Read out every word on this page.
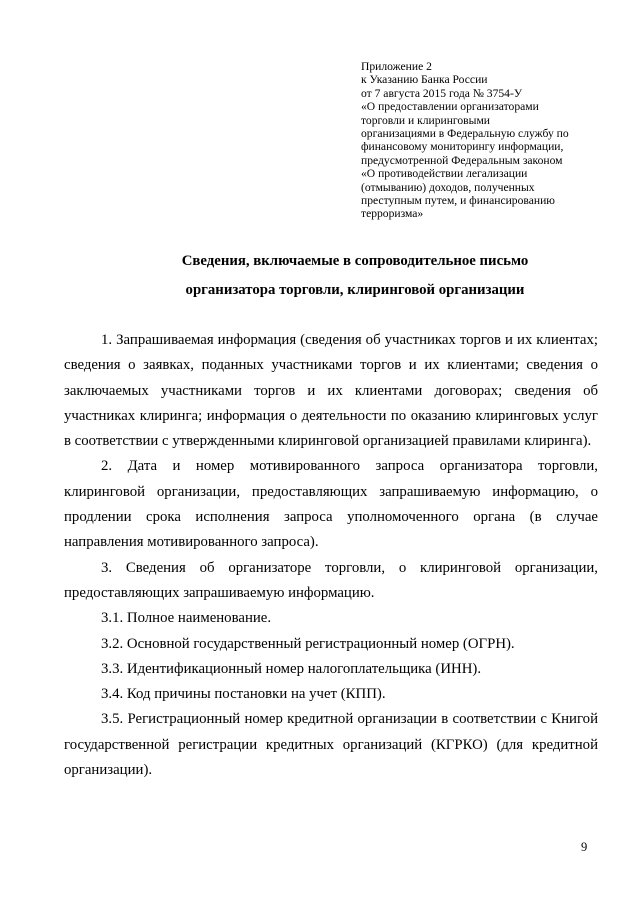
Приложение 2
к Указанию Банка России
от 7 августа 2015 года № 3754-У
«О предоставлении организаторами
торговли и клиринговыми
организациями в Федеральную службу по
финансовому мониторингу информации,
предусмотренной Федеральным законом
«О противодействии легализации
(отмыванию) доходов, полученных
преступным путем, и финансированию
терроризма»
Сведения, включаемые в сопроводительное письмо
организатора торговли, клиринговой организации

1. Запрашиваемая информация (сведения об участниках торгов и их клиентах; сведения о заявках, поданных участниками торгов и их клиентами; сведения о заключаемых участниками торгов и их клиентами договорах; сведения об участниках клиринга; информация о деятельности по оказанию клиринговых услуг в соответствии с утвержденными клиринговой организацией правилами клиринга).

2. Дата и номер мотивированного запроса организатора торговли, клиринговой организации, предоставляющих запрашиваемую информацию, о продлении срока исполнения запроса уполномоченного органа (в случае направления мотивированного запроса).

3. Сведения об организаторе торговли, о клиринговой организации, предоставляющих запрашиваемую информацию.

3.1. Полное наименование.

3.2. Основной государственный регистрационный номер (ОГРН).

3.3. Идентификационный номер налогоплательщика (ИНН).

3.4. Код причины постановки на учет (КПП).

3.5. Регистрационный номер кредитной организации в соответствии с Книгой государственной регистрации кредитных организаций (КГРКО) (для кредитной организации).

9
